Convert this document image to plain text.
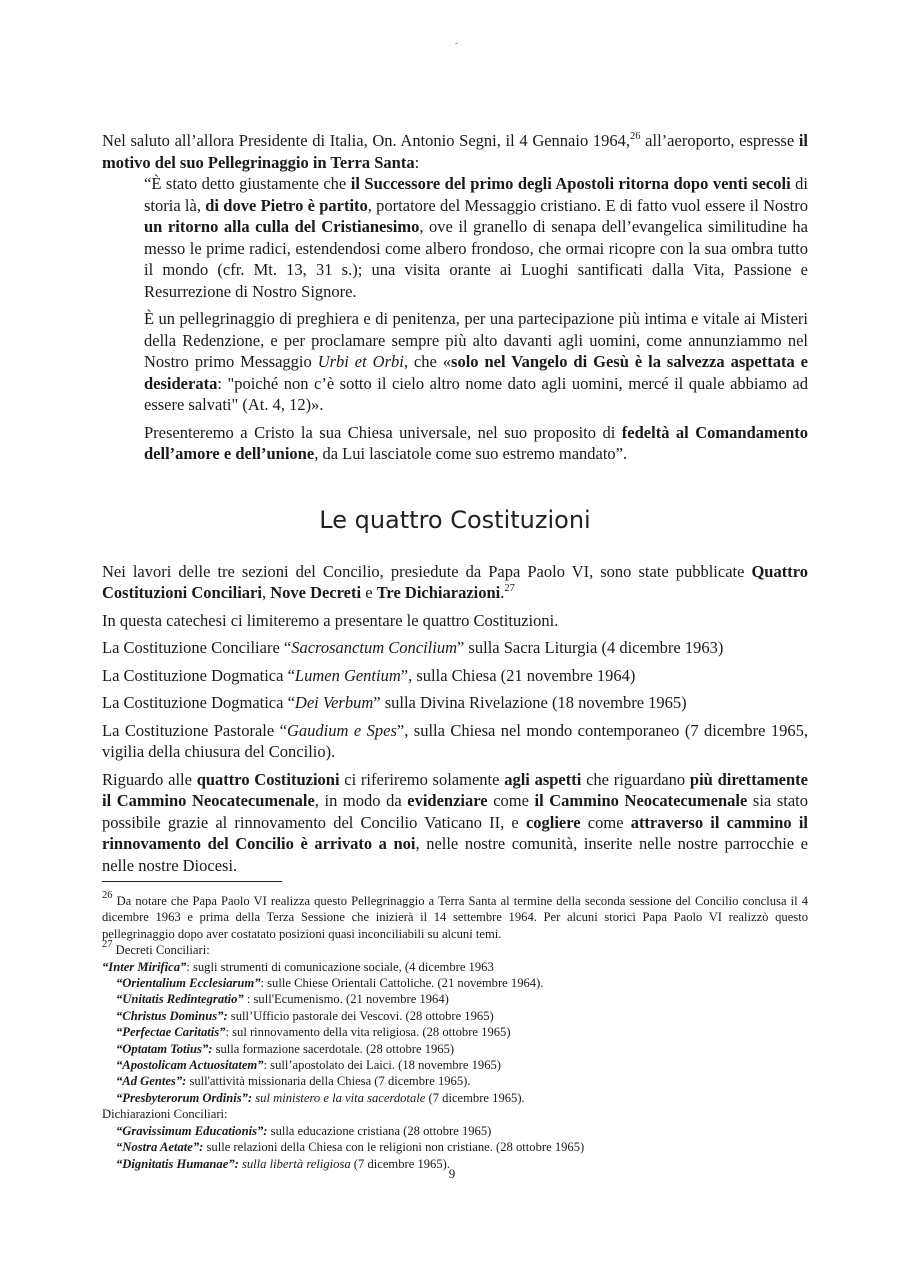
-

Nel saluto all’allora Presidente di Italia, On. Antonio Segni, il 4 Gennaio 1964,26 all’aeroporto, espresse il motivo del suo Pellegrinaggio in Terra Santa:

“È stato detto giustamente che il Successore del primo degli Apostoli ritorna dopo venti secoli di storia là, di dove Pietro è partito, portatore del Messaggio cristiano. E di fatto vuol essere il Nostro un ritorno alla culla del Cristianesimo, ove il granello di senapa dell’evangelica similitudine ha messo le prime radici, estendendosi come albero frondoso, che ormai ricopre con la sua ombra tutto il mondo (cfr. Mt. 13, 31 s.); una visita orante ai Luoghi santificati dalla Vita, Passione e Resurrezione di Nostro Signore.

È un pellegrinaggio di preghiera e di penitenza, per una partecipazione più intima e vitale ai Misteri della Redenzione, e per proclamare sempre più alto davanti agli uomini, come annunziammo nel Nostro primo Messaggio Urbi et Orbi, che «solo nel Vangelo di Gesù è la salvezza aspettata e desiderata: "poiché non c’è sotto il cielo altro nome dato agli uomini, mercé il quale abbiamo ad essere salvati" (At. 4, 12)».

Presenteremo a Cristo la sua Chiesa universale, nel suo proposito di fedeltà al Comandamento dell’amore e dell’unione, da Lui lasciatole come suo estremo mandato”.

Le quattro Costituzioni

Nei lavori delle tre sezioni del Concilio, presiedute da Papa Paolo VI, sono state pubblicate Quattro Costituzioni Conciliari, Nove Decreti e Tre Dichiarazioni.$^{27}$

In questa catechesi ci limiteremo a presentare le quattro Costituzioni.

La Costituzione Conciliare “Sacrosanctum Concilium” sulla Sacra Liturgia (4 dicembre 1963)

La Costituzione Dogmatica “Lumen Gentium”, sulla Chiesa (21 novembre 1964)

La Costituzione Dogmatica “Dei Verbum” sulla Divina Rivelazione (18 novembre 1965)

La Costituzione Pastorale “Gaudium e Spes”, sulla Chiesa nel mondo contemporaneo (7 dicembre 1965, vigilia della chiusura del Concilio).

Riguardo alle quattro Costituzioni ci riferiremo solamente agli aspetti che riguardano più direttamente il Cammino Neocatecumenale, in modo da evidenziare come il Cammino Neocatecumenale sia stato possibile grazie al rinnovamento del Concilio Vaticano II, e cogliere come attraverso il cammino il rinnovamento del Concilio è arrivato a noi, nelle nostre comunità, inserite nelle nostre parrocchie e nelle nostre Diocesi.

$^{26}$ Da notare che Papa Paolo VI realizza questo Pellegrinaggio a Terra Santa al termine della seconda sessione del Concilio conclusa il 4 dicembre 1963 e prima della Terza Sessione che inizierà il 14 settembre 1964. Per alcuni storici Papa Paolo VI realizzò questo pellegrinaggio dopo aver costatato posizioni quasi inconciliabili su alcuni temi.

$^{27}$ Decreti Conciliari:

“Inter Mirifica”: sugli strumenti di comunicazione sociale, (4 dicembre 1963

“Orientalium Ecclesiarum”: sulle Chiese Orientali Cattoliche. (21 novembre 1964).

“Unitatis Redintegratio” : sull'Ecumenismo. (21 novembre 1964)

“Christus Dominus”: sull’Ufficio pastorale dei Vescovi. (28 ottobre 1965)

“Perfectae Caritatis”: sul rinnovamento della vita religiosa. (28 ottobre 1965)

“Optatam Totius”: sulla formazione sacerdotale. (28 ottobre 1965)

“Apostolicam Actuositatem”: sull’apostolato dei Laici. (18 novembre 1965)

“Ad Gentes”: sull'attività missionaria della Chiesa (7 dicembre 1965).

“Presbyterorum Ordinis”: sul ministero e la vita sacerdotale (7 dicembre 1965).

Dichiarazioni Conciliari:

“Gravissimum Educationis”: sulla educazione cristiana (28 ottobre 1965)

“Nostra Aetate”: sulle relazioni della Chiesa con le religioni non cristiane. (28 ottobre 1965)

“Dignitatis Humanae”: sulla libertà religiosa (7 dicembre 1965).

9
